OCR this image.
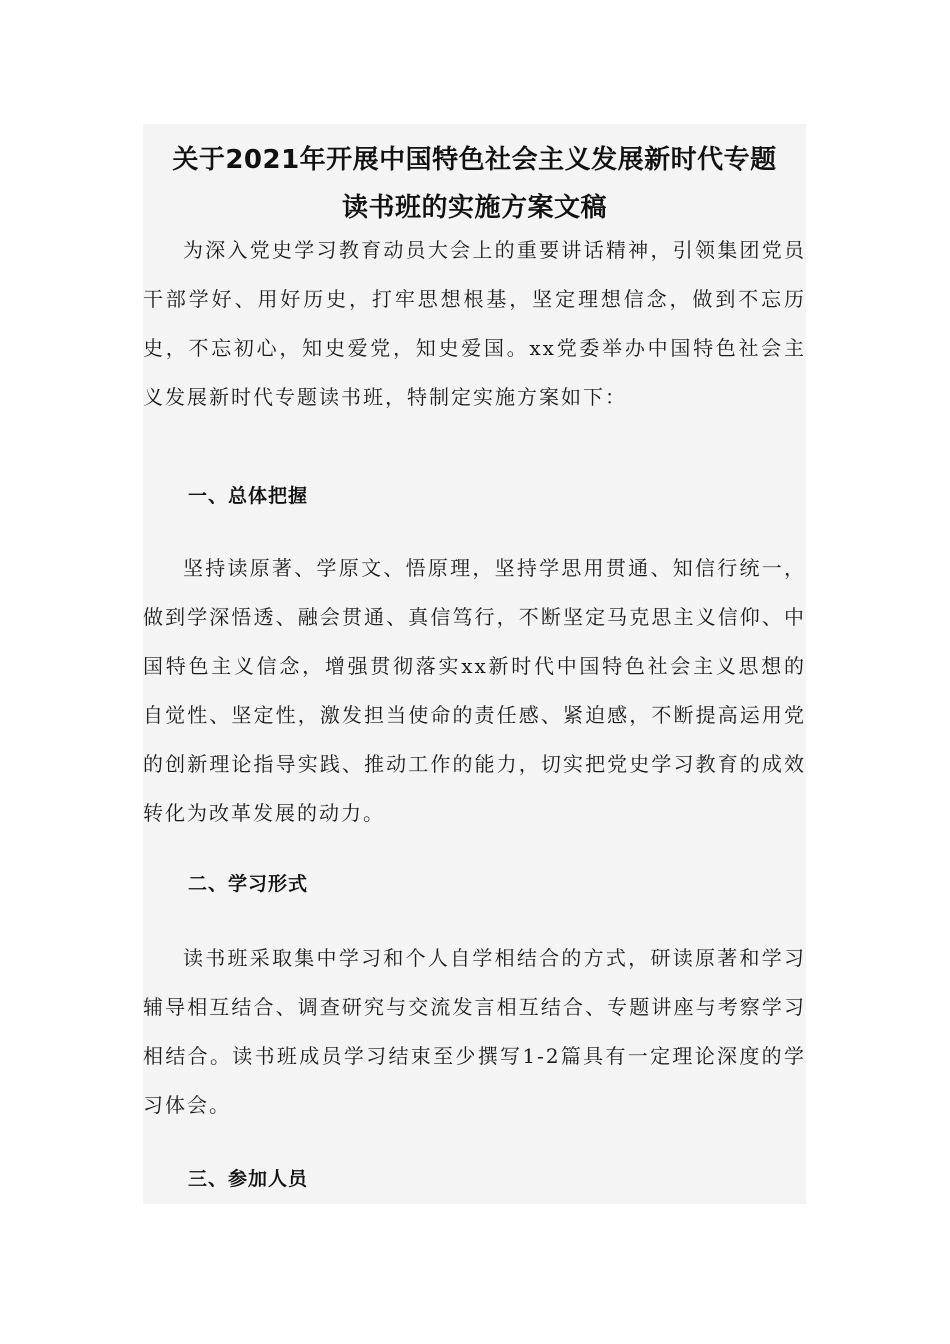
关于2021年开展中国特色社会主义发展新时代专题
读书班的实施方案文稿

为深入党史学习教育动员大会上的重要讲话精神，引领集团党员干部学好、用好历史，打牢思想根基，坚定理想信念，做到不忘历史，不忘初心，知史爱党，知史爱国。xx党委举办中国特色社会主义发展新时代专题读书班，特制定实施方案如下：

一、总体把握

坚持读原著、学原文、悟原理，坚持学思用贯通、知信行统一，做到学深悟透、融会贯通、真信笃行，不断坚定马克思主义信仰、中国特色主义信念，增强贯彻落实xx新时代中国特色社会主义思想的自觉性、坚定性，激发担当使命的责任感、紧迫感，不断提高运用党的创新理论指导实践、推动工作的能力，切实把党史学习教育的成效转化为改革发展的动力。

二、学习形式

读书班采取集中学习和个人自学相结合的方式，研读原著和学习辅导相互结合、调查研究与交流发言相互结合、专题讲座与考察学习相结合。读书班成员学习结束至少撰写1-2篇具有一定理论深度的学习体会。

三、参加人员
